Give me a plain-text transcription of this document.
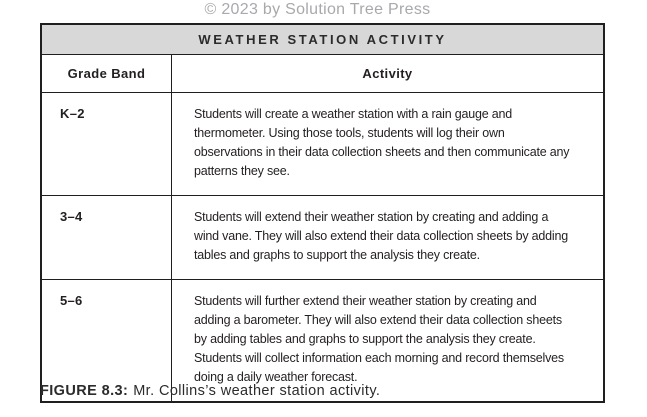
© 2023 by Solution Tree Press
WEATHER STATION ACTIVITY
Grade Band	Activity
K–2	Students will create a weather station with a rain gauge and thermometer. Using those tools, students will log their own observations in their data collection sheets and then communicate any patterns they see.
3–4	Students will extend their weather station by creating and adding a wind vane. They will also extend their data collection sheets by adding tables and graphs to support the analysis they create.
5–6	Students will further extend their weather station by creating and adding a barometer. They will also extend their data collection sheets by adding tables and graphs to support the analysis they create. Students will collect information each morning and record themselves doing a daily weather forecast.
FIGURE 8.3: Mr. Collins’s weather station activity.
